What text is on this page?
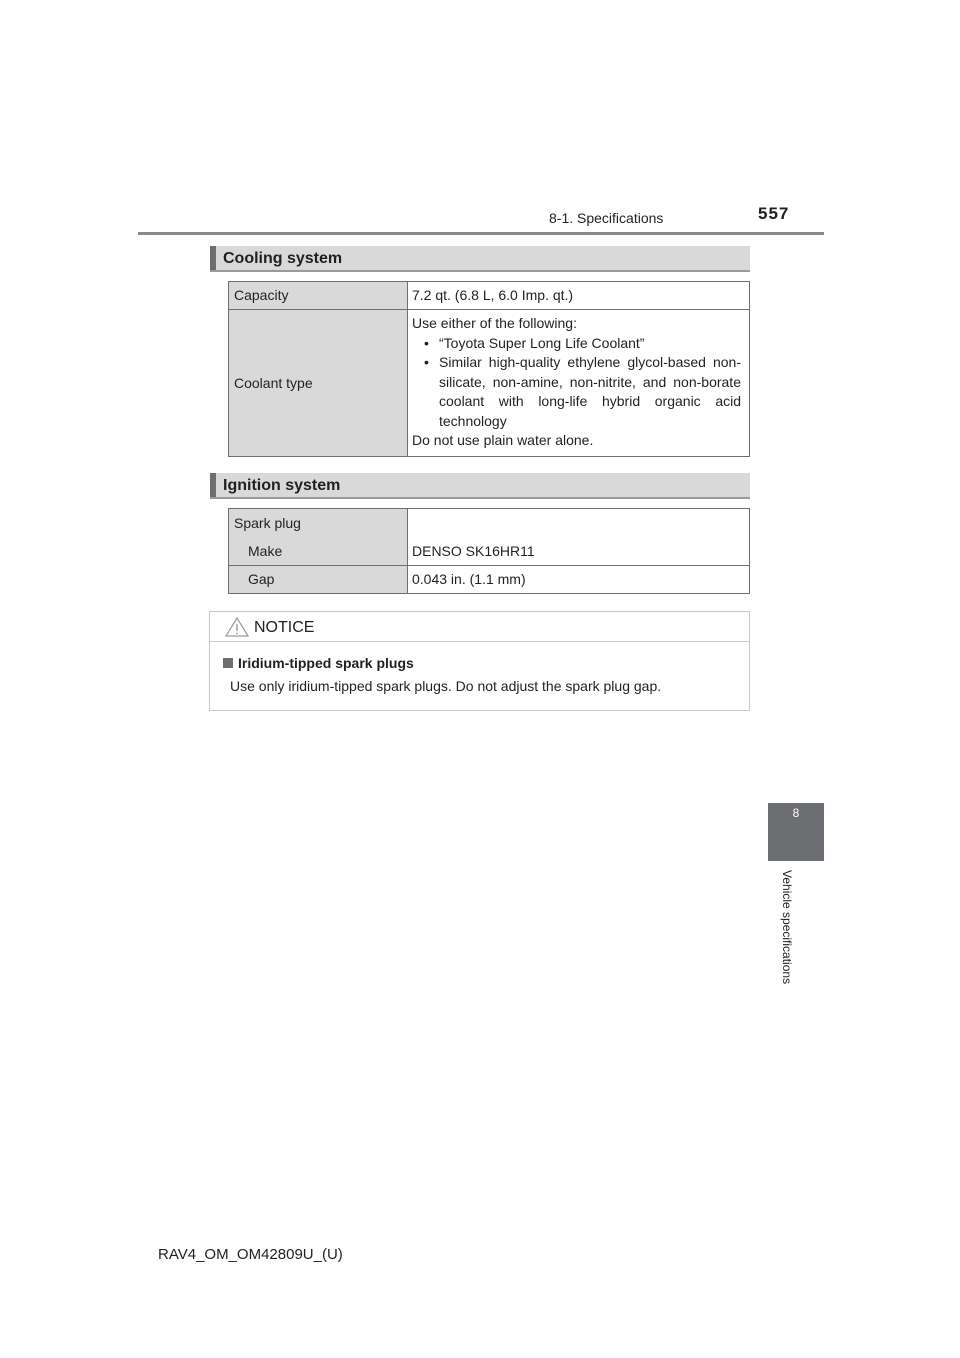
8-1. Specifications	557
8
Vehicle specifications
Cooling system
Capacity	7.2 qt. (6.8 L, 6.0 Imp. qt.)

Coolant type	Use either of the following:
• “Toyota Super Long Life Coolant”
• Similar high-quality ethylene glycol-based non-silicate, non-amine, non-nitrite, and non-borate coolant with long-life hybrid organic acid technology
Do not use plain water alone.
Ignition system
Spark plug
Make	DENSO SK16HR11

Gap	0.043 in. (1.1 mm)
NOTICE
Iridium-tipped spark plugs
Use only iridium-tipped spark plugs. Do not adjust the spark plug gap.
RAV4_OM_OM42809U_(U)
